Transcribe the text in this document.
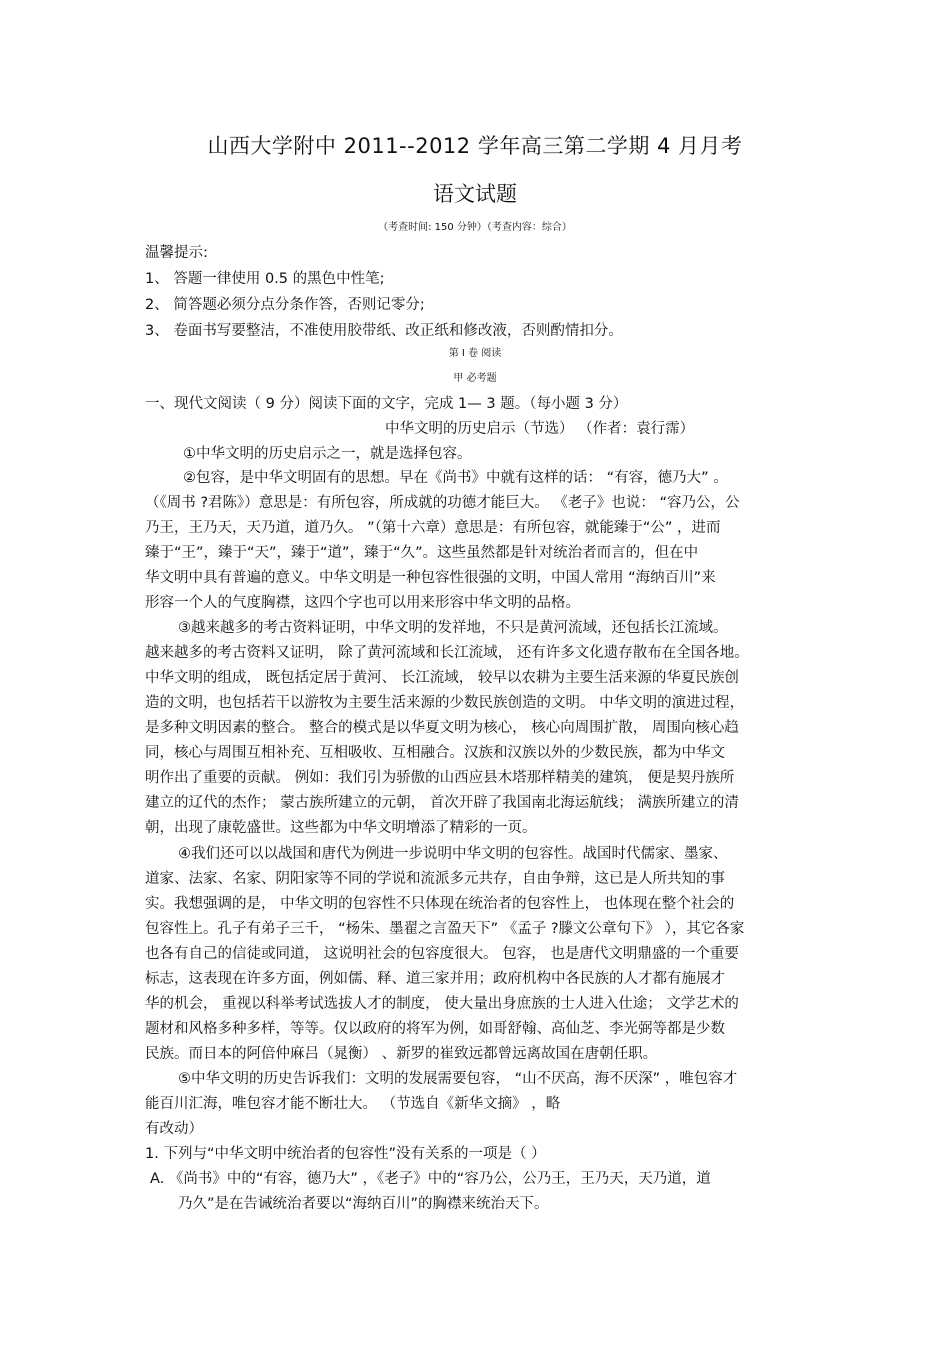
山西大学附中 2011--2012 学年高三第二学期 4 月月考
语文试题
（考查时间: 150 分钟）（考查内容：综合）
温馨提示:
1、 答题一律使用 0.5 的黑色中性笔;
2、 简答题必须分点分条作答，否则记零分;
3、 卷面书写要整洁，不准使用胶带纸、改正纸和修改液，否则酌情扣分。
第 I 卷 阅读
甲 必考题
一、现代文阅读（ 9 分）阅读下面的文字，完成 1— 3 题。（每小题 3 分）
中华文明的历史启示（节选） （作者：袁行霈）
①中华文明的历史启示之一，就是选择包容。
②包容，是中华文明固有的思想。早在《尚书》中就有这样的话： “有容，德乃大” 。
（《周书 ?君陈》）意思是：有所包容，所成就的功德才能巨大。 《老子》也说： “容乃公，公
乃王，王乃天，天乃道，道乃久。 ”（第十六章）意思是：有所包容，就能臻于“公” ，进而
臻于“王”，臻于“天”，臻于“道”，臻于“久”。这些虽然都是针对统治者而言的，但在中
华文明中具有普遍的意义。中华文明是一种包容性很强的文明，中国人常用 “海纳百川”来
形容一个人的气度胸襟，这四个字也可以用来形容中华文明的品格。
③越来越多的考古资料证明，中华文明的发祥地，不只是黄河流域，还包括长江流域。
越来越多的考古资料又证明， 除了黄河流域和长江流域， 还有许多文化遗存散布在全国各地。
中华文明的组成， 既包括定居于黄河、 长江流域， 较早以农耕为主要生活来源的华夏民族创
造的文明，也包括若干以游牧为主要生活来源的少数民族创造的文明。 中华文明的演进过程，
是多种文明因素的整合。 整合的模式是以华夏文明为核心， 核心向周围扩散， 周围向核心趋
同，核心与周围互相补充、互相吸收、互相融合。汉族和汉族以外的少数民族，都为中华文
明作出了重要的贡献。 例如：我们引为骄傲的山西应县木塔那样精美的建筑， 便是契丹族所
建立的辽代的杰作； 蒙古族所建立的元朝， 首次开辟了我国南北海运航线； 满族所建立的清
朝，出现了康乾盛世。这些都为中华文明增添了精彩的一页。
④我们还可以以战国和唐代为例进一步说明中华文明的包容性。战国时代儒家、墨家、
道家、法家、名家、阴阳家等不同的学说和流派多元共存，自由争辩，这已是人所共知的事
实。我想强调的是， 中华文明的包容性不只体现在统治者的包容性上， 也体现在整个社会的
包容性上。孔子有弟子三千， “杨朱、墨翟之言盈天下” 《孟子 ?滕文公章句下》 ），其它各家
也各有自己的信徒或同道， 这说明社会的包容度很大。 包容， 也是唐代文明鼎盛的一个重要
标志，这表现在许多方面，例如儒、释、道三家并用；政府机构中各民族的人才都有施展才
华的机会， 重视以科举考试选拔人才的制度， 使大量出身庶族的士人进入仕途； 文学艺术的
题材和风格多种多样，等等。仅以政府的将军为例，如哥舒翰、高仙芝、李光弼等都是少数
民族。而日本的阿倍仲麻吕（晁衡） 、新罗的崔致远都曾远离故国在唐朝任职。
⑤中华文明的历史告诉我们：文明的发展需要包容， “山不厌高，海不厌深” ，唯包容才
能百川汇海，唯包容才能不断壮大。 （节选自《新华文摘》 ，略
有改动）
1. 下列与“中华文明中统治者的包容性”没有关系的一项是（ ）
A. 《尚书》中的“有容，德乃大” ，《老子》中的“容乃公，公乃王，王乃天，天乃道，道
乃久”是在告诫统治者要以“海纳百川”的胸襟来统治天下。
